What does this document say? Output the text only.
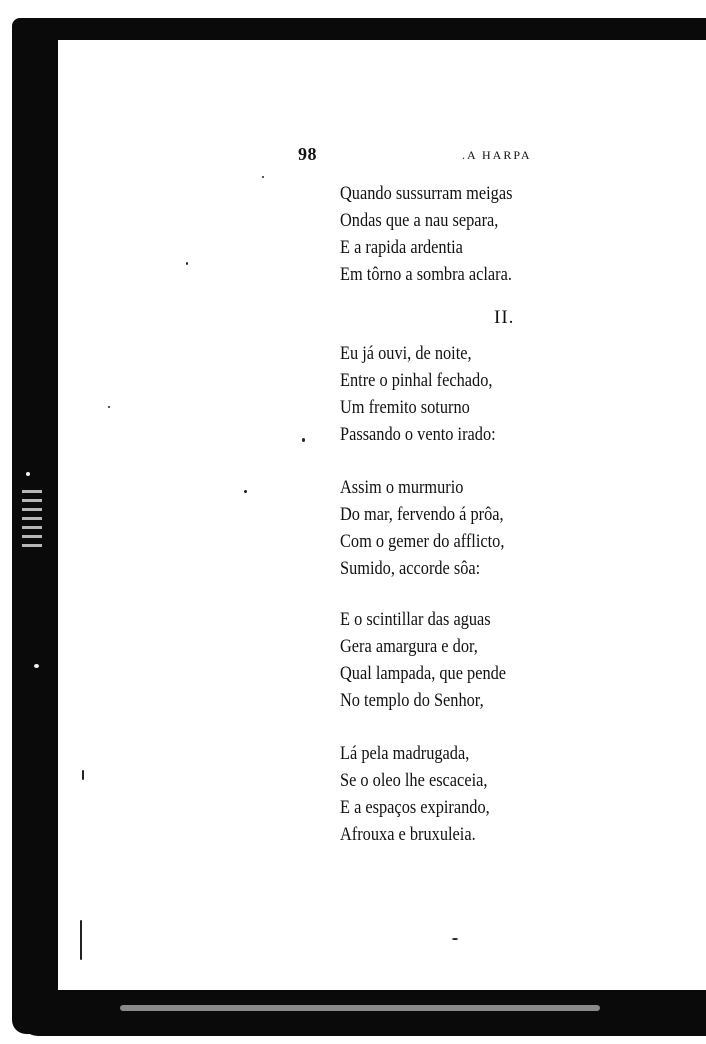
98	.A HARPA
Quando sussurram meigas
Ondas que a nau separa,
E a rapida ardentia
Em tôrno a sombra aclara.
II.
Eu já ouvi, de noite,
Entre o pinhal fechado,
Um fremito soturno
Passando o vento irado:
Assim o murmurio
Do mar, fervendo á prôa,
Com o gemer do afflicto,
Sumido, accorde sôa:
E o scintillar das aguas
Gera amargura e dor,
Qual lampada, que pende
No templo do Senhor,
Lá pela madrugada,
Se o oleo lhe escaceia,
E a espaços expirando,
Afrouxa e bruxuleia.
